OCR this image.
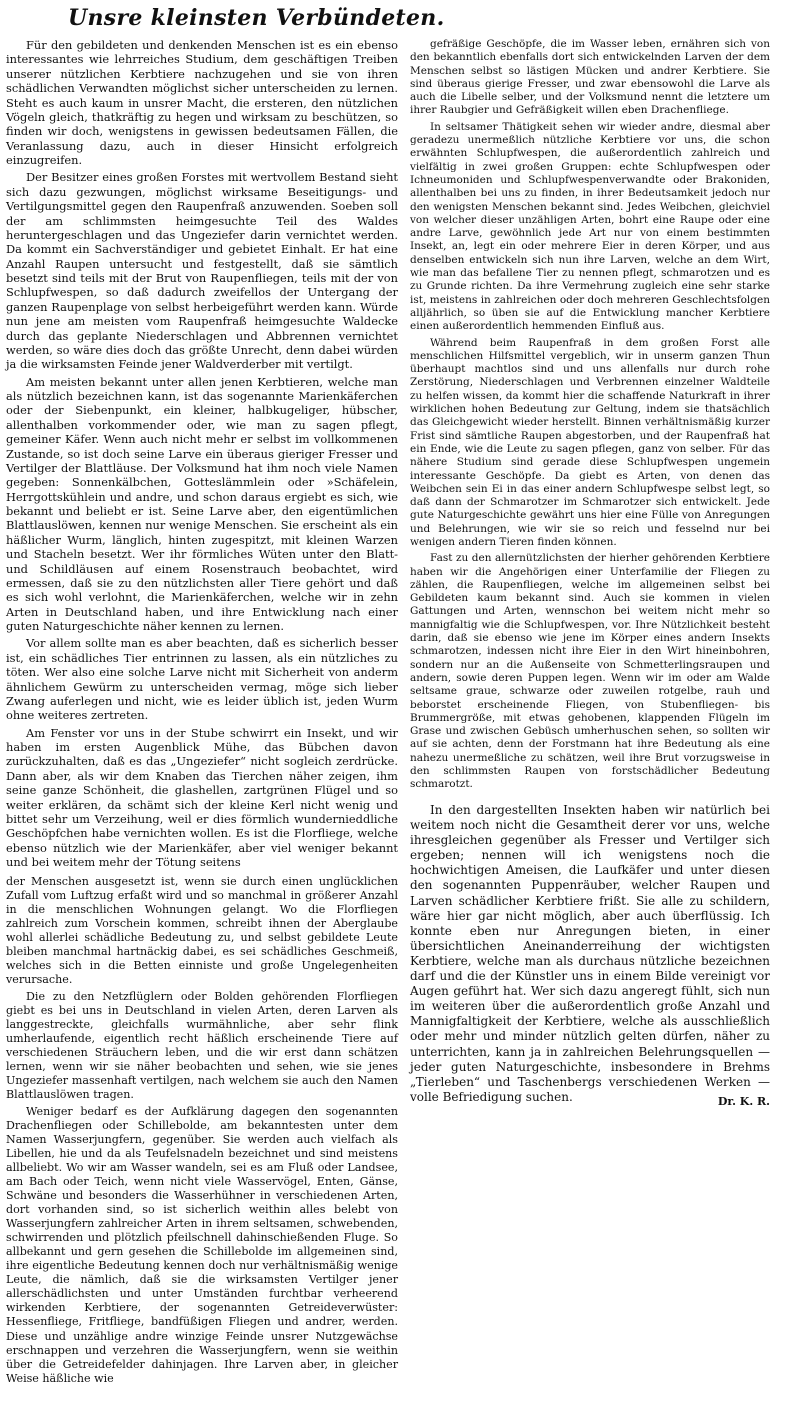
Unsre kleinsten Verbündeten.

Für den gebildeten und denkenden Menschen ist es ein ebenso interessantes wie lehrreiches Studium, dem geschäftigen Treiben unserer nützlichen Kerbtiere nachzugehen und sie von ihren schädlichen Verwandten möglichst sicher unterscheiden zu lernen. Steht es auch kaum in unsrer Macht, die ersteren, den nützlichen Vögeln gleich, thatkräftig zu hegen und wirksam zu beschützen, so finden wir doch, wenigstens in gewissen bedeutsamen Fällen, die Veranlassung dazu, auch in dieser Hinsicht erfolgreich einzugreifen.

Der Besitzer eines großen Forstes mit wertvollem Bestand sieht sich dazu gezwungen, möglichst wirksame Beseitigungs- und Vertilgungsmittel gegen den Raupenfraß anzuwenden. Soeben soll der am schlimmsten heimgesuchte Teil des Waldes heruntergeschlagen und das Ungeziefer darin vernichtet werden. Da kommt ein Sachverständiger und gebietet Einhalt. Er hat eine Anzahl Raupen untersucht und festgestellt, daß sie sämtlich besetzt sind teils mit der Brut von Raupenfliegen, teils mit der von Schlupfwespen, so daß dadurch zweifellos der Untergang der ganzen Raupenplage von selbst herbeigeführt werden kann. Würde nun jene am meisten vom Raupenfraß heimgesuchte Waldecke durch das geplante Niederschlagen und Abbrennen vernichtet werden, so wäre dies doch das größte Unrecht, denn dabei würden ja die wirksamsten Feinde jener Waldverderber mit vertilgt.

Am meisten bekannt unter allen jenen Kerbtieren, welche man als nützlich bezeichnen kann, ist das sogenannte Marienkäferchen oder der Siebenpunkt, ein kleiner, halbkugeliger, hübscher, allenthalben vorkommender oder, wie man zu sagen pflegt, gemeiner Käfer. Wenn auch nicht mehr er selbst im vollkommenen Zustande, so ist doch seine Larve ein überaus gieriger Fresser und Vertilger der Blattläuse. Der Volksmund hat ihm noch viele Namen gegeben: Sonnenkälbchen, Gotteslämmlein oder »Schäfelein, Herrgottskühlein und andre, und schon daraus ergiebt es sich, wie bekannt und beliebt er ist. Seine Larve aber, den eigentümlichen Blattlauslöwen, kennen nur wenige Menschen. Sie erscheint als ein häßlicher Wurm, länglich, hinten zugespitzt, mit kleinen Warzen und Stacheln besetzt. Wer ihr förmliches Wüten unter den Blatt- und Schildläusen auf einem Rosenstrauch beobachtet, wird ermessen, daß sie zu den nützlichsten aller Tiere gehört und daß es sich wohl verlohnt, die Marienkäferchen, welche wir in zehn Arten in Deutschland haben, und ihre Entwicklung nach einer guten Naturgeschichte näher kennen zu lernen.

Vor allem sollte man es aber beachten, daß es sicherlich besser ist, ein schädliches Tier entrinnen zu lassen, als ein nützliches zu töten. Wer also eine solche Larve nicht mit Sicherheit von anderm ähnlichem Gewürm zu unterscheiden vermag, möge sich lieber Zwang auferlegen und nicht, wie es leider üblich ist, jeden Wurm ohne weiteres zertreten.

Am Fenster vor uns in der Stube schwirrt ein Insekt, und wir haben im ersten Augenblick Mühe, das Bübchen davon zurückzuhalten, daß es das „Ungeziefer“ nicht sogleich zerdrücke. Dann aber, als wir dem Knaben das Tierchen näher zeigen, ihm seine ganze Schönheit, die glashellen, zartgrünen Flügel und so weiter erklären, da schämt sich der kleine Kerl nicht wenig und bittet sehr um Verzeihung, weil er dies förmlich wundernieddliche Geschöpfchen habe vernichten wollen. Es ist die Florfliege, welche ebenso nützlich wie der Marienkäfer, aber viel weniger bekannt und bei weitem mehr der Tötung seitens

gefräßige Geschöpfe, die im Wasser leben, ernähren sich von den bekanntlich ebenfalls dort sich entwickelnden Larven der dem Menschen selbst so lästigen Mücken und andrer Kerbtiere. Sie sind überaus gierige Fresser, und zwar ebensowohl die Larve als auch die Libelle selber, und der Volksmund nennt die letztere um ihrer Raubgier und Gefräßigkeit willen eben Drachenfliege.

In seltsamer Thätigkeit sehen wir wieder andre, diesmal aber geradezu unermeßlich nützliche Kerbtiere vor uns, die schon erwähnten Schlupfwespen, die außerordentlich zahlreich und vielfältig in zwei großen Gruppen: echte Schlupfwespen oder Ichneumoniden und Schlupfwespenverwandte oder Brakoniden, allenthalben bei uns zu finden, in ihrer Bedeutsamkeit jedoch nur den wenigsten Menschen bekannt sind. Jedes Weibchen, gleichviel von welcher dieser unzähligen Arten, bohrt eine Raupe oder eine andre Larve, gewöhnlich jede Art nur von einem bestimmten Insekt, an, legt ein oder mehrere Eier in deren Körper, und aus denselben entwickeln sich nun ihre Larven, welche an dem Wirt, wie man das befallene Tier zu nennen pflegt, schmarotzen und es zu Grunde richten. Da ihre Vermehrung zugleich eine sehr starke ist, meistens in zahlreichen oder doch mehreren Geschlechtsfolgen alljährlich, so üben sie auf die Entwicklung mancher Kerbtiere einen außerordentlich hemmenden Einfluß aus.

Während beim Raupenfraß in dem großen Forst alle menschlichen Hilfsmittel vergeblich, wir in unserm ganzen Thun überhaupt machtlos sind und uns allenfalls nur durch rohe Zerstörung, Niederschlagen und Verbrennen einzelner Waldteile zu helfen wissen, da kommt hier die schaffende Naturkraft in ihrer wirklichen hohen Bedeutung zur Geltung, indem sie thatsächlich das Gleichgewicht wieder herstellt. Binnen verhältnismäßig kurzer Frist sind sämtliche Raupen abgestorben, und der Raupenfraß hat ein Ende, wie die Leute zu sagen pflegen, ganz von selber. Für das nähere Studium sind gerade diese Schlupfwespen ungemein interessante Geschöpfe. Da giebt es Arten, von denen das Weibchen sein Ei in das einer andern Schlupfwespe selbst legt, so daß dann der Schmarotzer im Schmarotzer sich entwickelt. Jede gute Naturgeschichte gewährt uns hier eine Fülle von Anregungen und Belehrungen, wie wir sie so reich und fesselnd nur bei wenigen andern Tieren finden können.

Fast zu den allernützlichsten der hierher gehörenden Kerbtiere haben wir die Angehörigen einer Unterfamilie der Fliegen zu zählen, die Raupenfliegen, welche im allgemeinen selbst bei Gebildeten kaum bekannt sind. Auch sie kommen in vielen Gattungen und Arten, wennschon bei weitem nicht mehr so mannigfaltig wie die Schlupfwespen, vor. Ihre Nützlichkeit besteht darin, daß sie ebenso wie jene im Körper eines andern Insekts schmarotzen, indessen nicht ihre Eier in den Wirt hineinbohren, sondern nur an die Außenseite von Schmetterlingsraupen und andern, sowie deren Puppen legen. Wenn wir im oder am Walde seltsame graue, schwarze oder zuweilen rotgelbe, rauh und beborstet erscheinende Fliegen, von Stubenfliegen- bis Brummergröße, mit etwas gehobenen, klappenden Flügeln im Grase und zwischen Gebüsch umherhuschen sehen, so sollten wir auf sie achten, denn der Forstmann hat ihre Bedeutung als eine nahezu unermeßliche zu schätzen, weil ihre Brut vorzugsweise in den schlimmsten Raupen von forstschädlicher Bedeutung schmarotzt.

der Menschen ausgesetzt ist, wenn sie durch einen unglücklichen Zufall vom Luftzug erfaßt wird und so manchmal in größerer Anzahl in die menschlichen Wohnungen gelangt. Wo die Florfliegen zahlreich zum Vorschein kommen, schreibt ihnen der Aberglaube wohl allerlei schädliche Bedeutung zu, und selbst gebildete Leute bleiben manchmal hartnäckig dabei, es sei schädliches Geschmeiß, welches sich in die Betten einniste und große Ungelegenheiten verursache.

Die zu den Netzflüglern oder Bolden gehörenden Florfliegen giebt es bei uns in Deutschland in vielen Arten, deren Larven als langgestreckte, gleichfalls wurmähnliche, aber sehr flink umherlaufende, eigentlich recht häßlich erscheinende Tiere auf verschiedenen Sträuchern leben, und die wir erst dann schätzen lernen, wenn wir sie näher beobachten und sehen, wie sie jenes Ungeziefer massenhaft vertilgen, nach welchem sie auch den Namen Blattlauslöwen tragen.

Weniger bedarf es der Aufklärung dagegen den sogenannten Drachenfliegen oder Schillebolde, am bekanntesten unter dem Namen Wasserjungfern, gegenüber. Sie werden auch vielfach als Libellen, hie und da als Teufelsnadeln bezeichnet und sind meistens allbeliebt. Wo wir am Wasser wandeln, sei es am Fluß oder Landsee, am Bach oder Teich, wenn nicht viele Wasservögel, Enten, Gänse, Schwäne und besonders die Wasserhühner in verschiedenen Arten, dort vorhanden sind, so ist sicherlich weithin alles belebt von Wasserjungfern zahlreicher Arten in ihrem seltsamen, schwebenden, schwirrenden und plötzlich pfeilschnell dahinschießenden Fluge. So allbekannt und gern gesehen die Schillebolde im allgemeinen sind, ihre eigentliche Bedeutung kennen doch nur verhältnismäßig wenige Leute, die nämlich, daß sie die wirksamsten Vertilger jener allerschädlichsten und unter Umständen furchtbar verheerend wirkenden Kerbtiere, der sogenannten Getreideverwüster: Hessenfliege, Fritfliege, bandfüßigen Fliegen und andrer, werden. Diese und unzählige andre winzige Feinde unsrer Nutzgewächse erschnappen und verzehren die Wasserjungfern, wenn sie weithin über die Getreidefelder dahinjagen. Ihre Larven aber, in gleicher Weise häßliche wie

In den dargestellten Insekten haben wir natürlich bei weitem noch nicht die Gesamtheit derer vor uns, welche ihresgleichen gegenüber als Fresser und Vertilger sich ergeben; nennen will ich wenigstens noch die hochwichtigen Ameisen, die Laufkäfer und unter diesen den sogenannten Puppenräuber, welcher Raupen und Larven schädlicher Kerbtiere frißt. Sie alle zu schildern, wäre hier gar nicht möglich, aber auch überflüssig. Ich konnte eben nur Anregungen bieten, in einer übersichtlichen Aneinanderreihung der wichtigsten Kerbtiere, welche man als durchaus nützliche bezeichnen darf und die der Künstler uns in einem Bilde vereinigt vor Augen geführt hat. Wer sich dazu angeregt fühlt, sich nun im weiteren über die außerordentlich große Anzahl und Mannigfaltigkeit der Kerbtiere, welche als ausschließlich oder mehr und minder nützlich gelten dürfen, näher zu unterrichten, kann ja in zahlreichen Belehrungsquellen — jeder guten Naturgeschichte, insbesondere in Brehms „Tierleben“ und Taschenbergs verschiedenen Werken — volle Befriedigung suchen.	Dr. K. R.
